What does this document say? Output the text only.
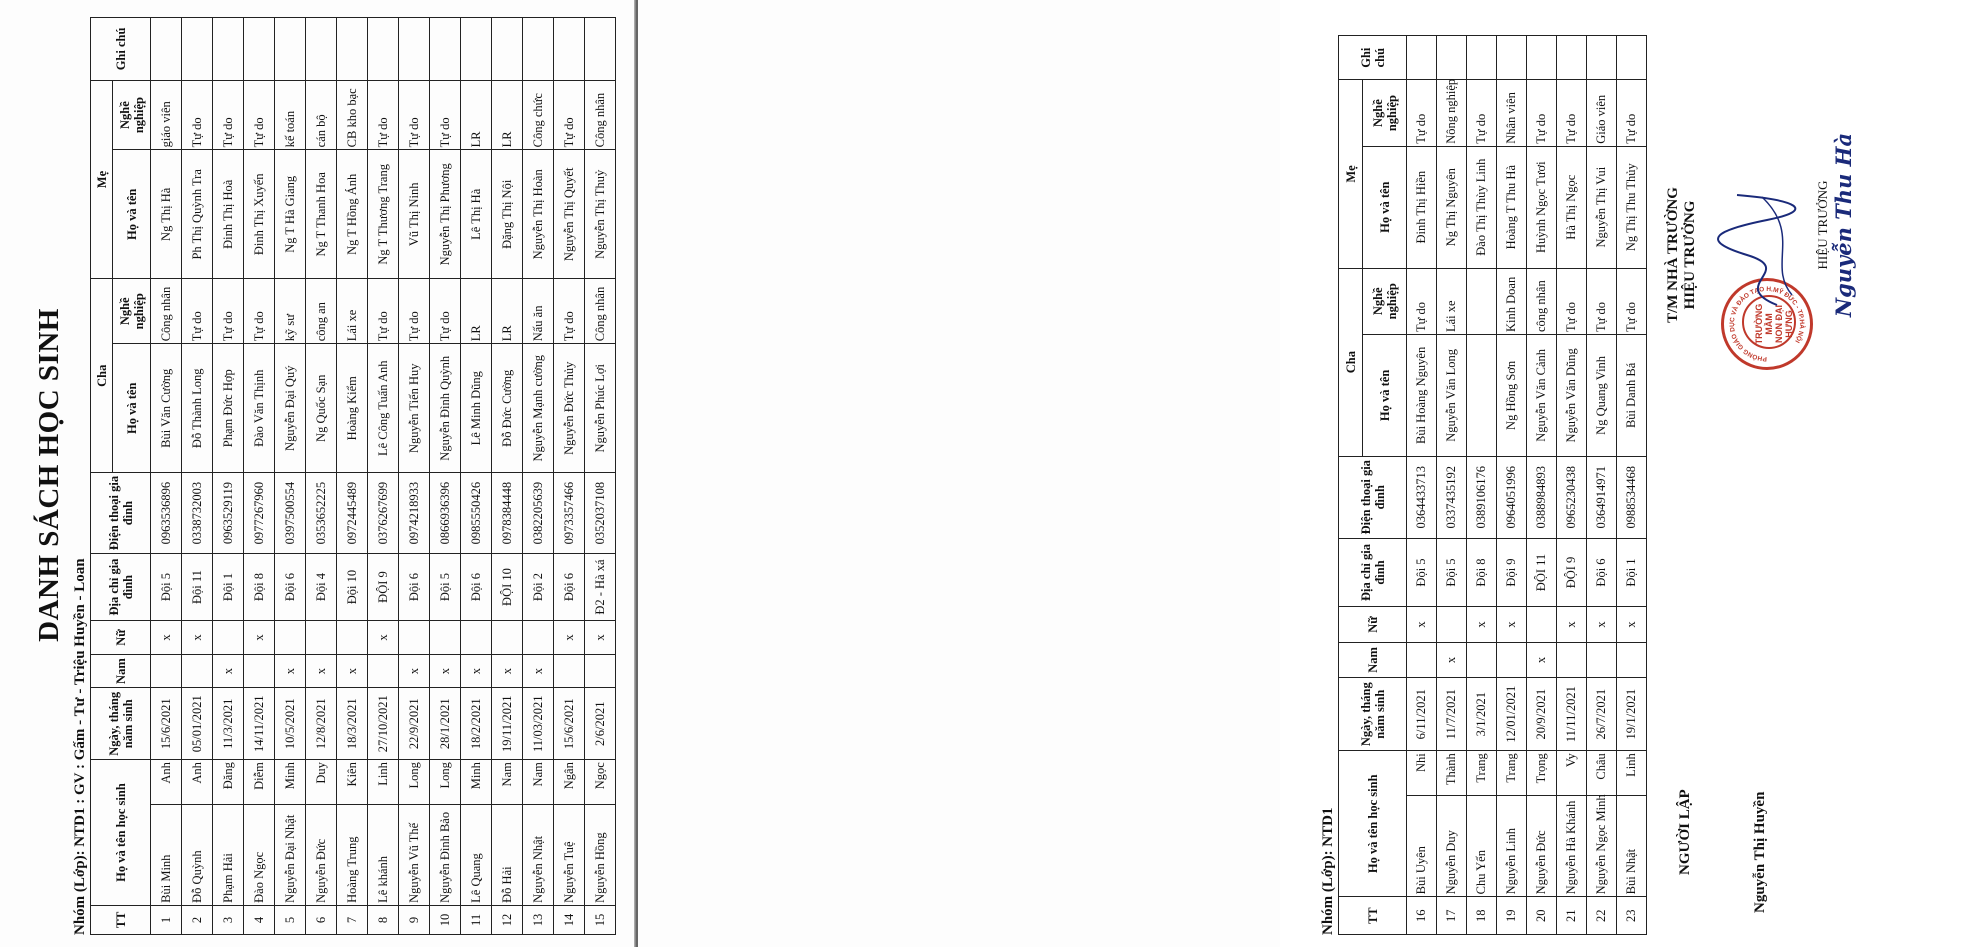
DANH SÁCH HỌC SINH
Nhóm (Lớp): NTD1 : GV : Gấm - Tư - Triệu Huyền - Loan TT	Họ và tên học sinh		Ngày, tháng năm sinh	Nam	Nữ	Địa chỉ gia đình	Điện thoại gia đình	Cha		Mẹ		Ghi chú
								Họ và tên	Nghề nghiệp	Họ và tên	Nghề nghiệp	
1	Bùi Minh	Anh	15/6/2021		x	Đội 5	0963536896	Bùi Văn Cường	Công nhân	Ng Thị Hà	giáo viên	
2	Đỗ Quỳnh	Anh	05/01/2021		x	Đội 11	0338732003	Đỗ Thành Long	Tự do	Ph Thị Quỳnh Tra	Tự do	
3	Phạm Hải	Đăng	11/3/2021	x		Đội 1	0963529119	Phạm Đức Hợp	Tự do	Đinh Thị Hoà	Tự do	
4	Đào Ngọc	Diễm	14/11/2021		x	Đội 8	0977267960	Đào Văn Thịnh	Tự do	Đinh Thị Xuyến	Tự do	
5	Nguyễn Đại Nhật	Minh	10/5/2021	x		Đội 6	0397500554	Nguyễn Đại Quý	kỹ sư	Ng T Hà Giang	kế toán	
6	Nguyễn Đức	Duy	12/8/2021	x		Đội 4	0353652225	Ng Quốc Sạn	công an	Ng T Thanh Hoa	cán bộ	
7	Hoàng Trung	Kiên	18/3/2021	x		Đội 10	0972445489	Hoàng Kiểm	Lái xe	Ng T Hồng Ánh	CB kho bạc	
8	Lê khánh	Linh	27/10/2021		x	ĐỘI 9	0376267699	Lê Công Tuấn Anh	Tự do	Ng T Thương Trang	Tự do	
9	Nguyễn Vũ Thế	Long	22/9/2021	x		Đội 6	0974218933	Nguyễn Tiến Huy	Tự do	Vũ Thị Ninh	Tự do	
10	Nguyễn Đình Bảo	Long	28/1/2021	x		Đội 5	0866936396	Nguyễn Đình Quỳnh	Tự do	Nguyễn Thị Phương	Tự do	
11	Lê Quang	Minh	18/2/2021	x		Đội 6	0985550426	Lê Minh Dũng	LR	Lê Thị Hà	LR	
12	Đỗ Hải	Nam	19/11/2021	x		ĐỘI 10	0978384448	Đỗ Đức Cường	LR	Đặng Thị Nội	LR	
13	Nguyễn Nhật	Nam	11/03/2021	x		Đội 2	0382205639	Nguyễn Mạnh cường	Nấu ăn	Nguyễn Thị Hoàn	Công chức	
14	Nguyễn Tuệ	Ngân	15/6/2021		x	Đội 6	0973357466	Nguyễn Đức Thủy	Tự do	Nguyễn Thị Quyết	Tự do	
15	Nguyễn Hồng	Ngọc	2/6/2021		x	Đ2 - Hà xá	0352037108	Nguyễn Phúc Lợi	Công nhân	Nguyễn Thị Thuỷ	Công nhân	
Nhóm (Lớp): NTD1 TT	Họ và tên học sinh		Ngày, tháng năm sinh	Nam	Nữ	Địa chỉ gia đình	Điện thoại gia đình	Cha		Mẹ		Ghi chú
								Họ và tên	Nghề nghiệp	Họ và tên	Nghề nghiệp	
16	Bùi Uyên	Nhi	6/11/2021		x	Đội 5	0364433713	Bùi Hoàng Nguyên	Tự do	Đinh Thị Hiền	Tự do	
17	Nguyễn Duy	Thành	11/7/2021	x		Đội 5	0337435192	Nguyễn Văn Long	Lái xe	Ng Thị Nguyên	Nông nghiệp	
18	Chu Yến	Trang	3/1/2021		x	Đội 8	0389106176			Đào Thị Thùy Linh	Tự do	
19	Nguyễn Linh	Trang	12/01/2021		x	Đội 9	0964051996	Ng Hồng Sơn	Kinh Doan	Hoàng T Thu Hà	Nhân viên	
20	Nguyễn Đức	Trọng	20/9/2021	x		ĐỘI 11	0388984893	Nguyễn Văn Cảnh	công nhân	Huỳnh Ngọc Tươi	Tự do	
21	Nguyễn Hà Khánh	Vy	11/11/2021		x	ĐỘI 9	0965230438	Nguyễn Văn Dũng	Tự do	Hà Thị Ngọc	Tự do	
22	Nguyễn Ngọc Minh	Châu	26/7/2021		x	Đội 6	0364914971	Ng Quang Vinh	Tự do	Nguyễn Thị Vui	Giáo viên	
23	Bùi Nhật	Linh	19/1/2021		x	Đội 1	0988534468	Bùi Danh Bá	Tự do	Ng Thị Thu Thủy	Tự do	
NGƯỜI LẬP	Nguyễn Thị Huyền
T/M NHÀ TRƯỜNG HIỆU TRƯỞNG
PHÒNG GIÁO DỤC VÀ ĐÀO TẠO H.MỸ ĐỨC - TP.HÀ NỘI
TRƯỜNG MẦM NON ĐẠI HƯNG
HIỆU TRƯỞNG Nguyễn Thu Hà
